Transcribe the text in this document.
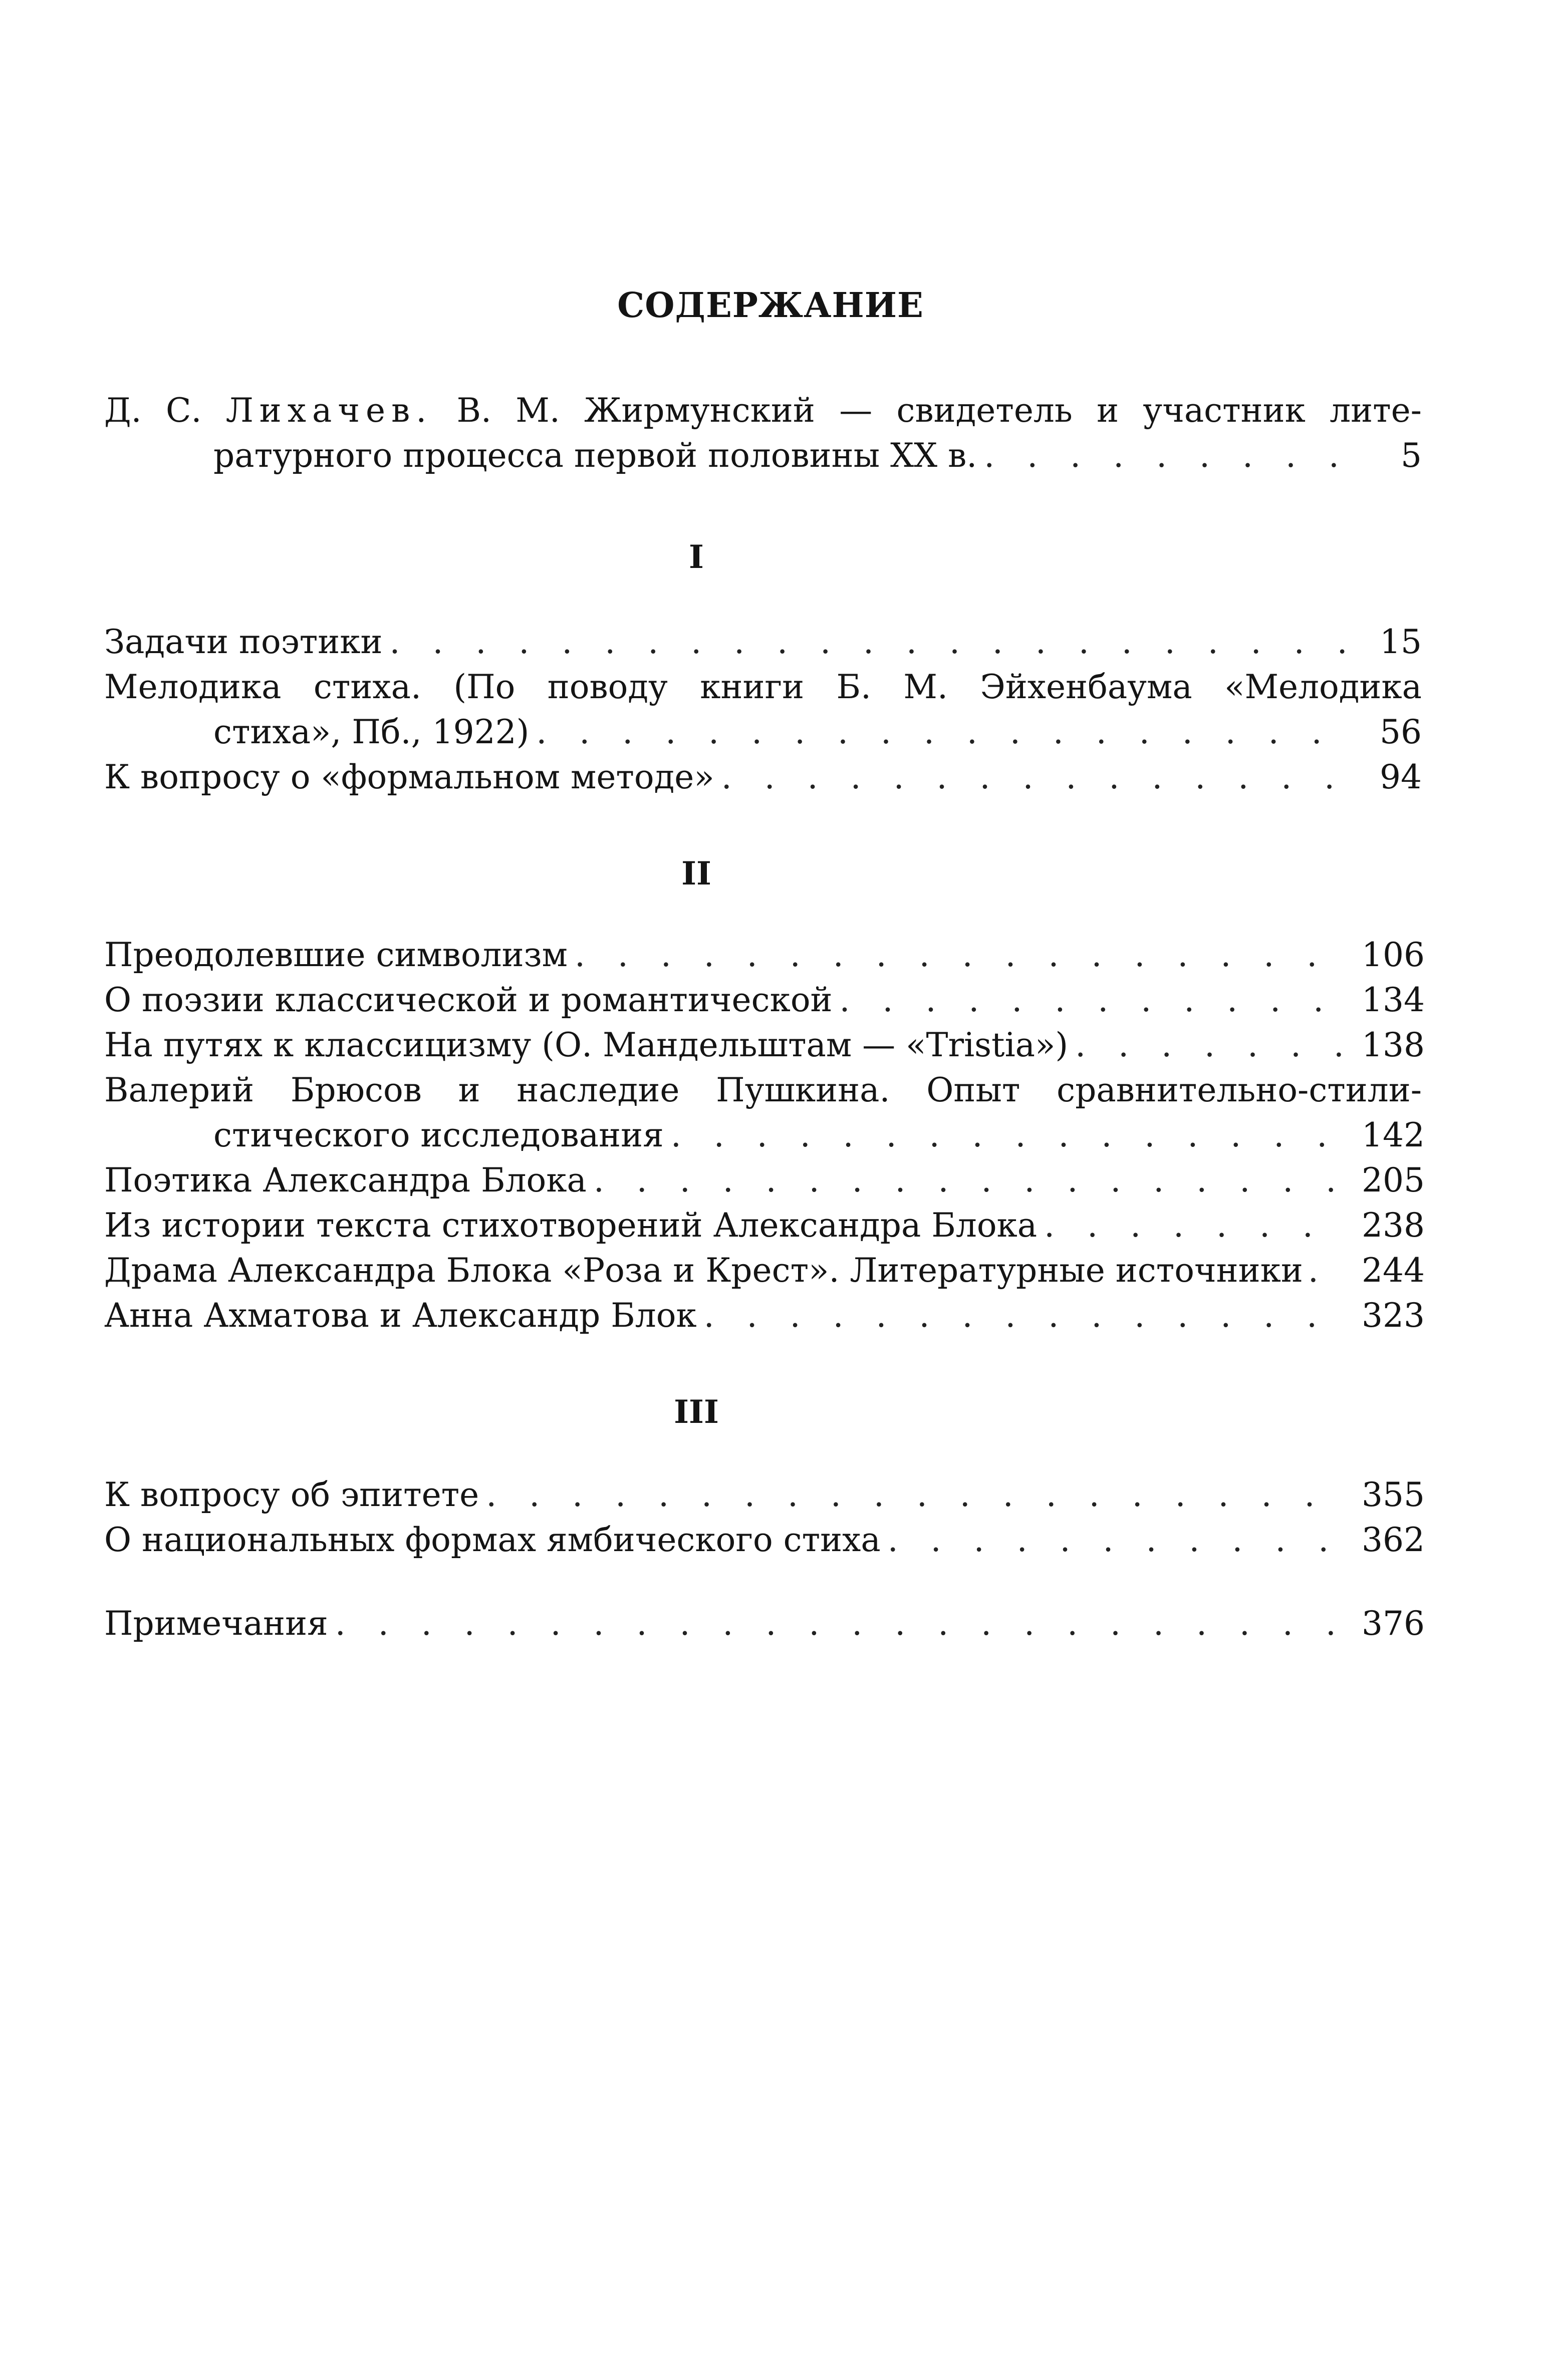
СОДЕРЖАНИЕ
Д. С. Лихачев. В. М. Жирмунский — свидетель и участник лите-
ратурного процесса первой половины XX в. . . .	5
I
Задачи поэтики . . .	15
Мелодика стиха. (По поводу книги Б. М. Эйхенбаума «Мелодика
стиха», Пб., 1922) . . .	56
К вопросу о «формальном методе» . . .	94
II
Преодолевшие символизм . . .	106
О поэзии классической и романтической . . .	134
На путях к классицизму (О. Мандельштам — «Tristia») . . .	138
Валерий Брюсов и наследие Пушкина. Опыт сравнительно-стили-
стического исследования . . .	142
Поэтика Александра Блока . . .	205
Из истории текста стихотворений Александра Блока . . .	238
Драма Александра Блока «Роза и Крест». Литературные источники . . . 244
Анна Ахматова и Александр Блок . . .	323
III
К вопросу об эпитете . . .	355
О национальных формах ямбического стиха . . .	362
Примечания . . .	376
